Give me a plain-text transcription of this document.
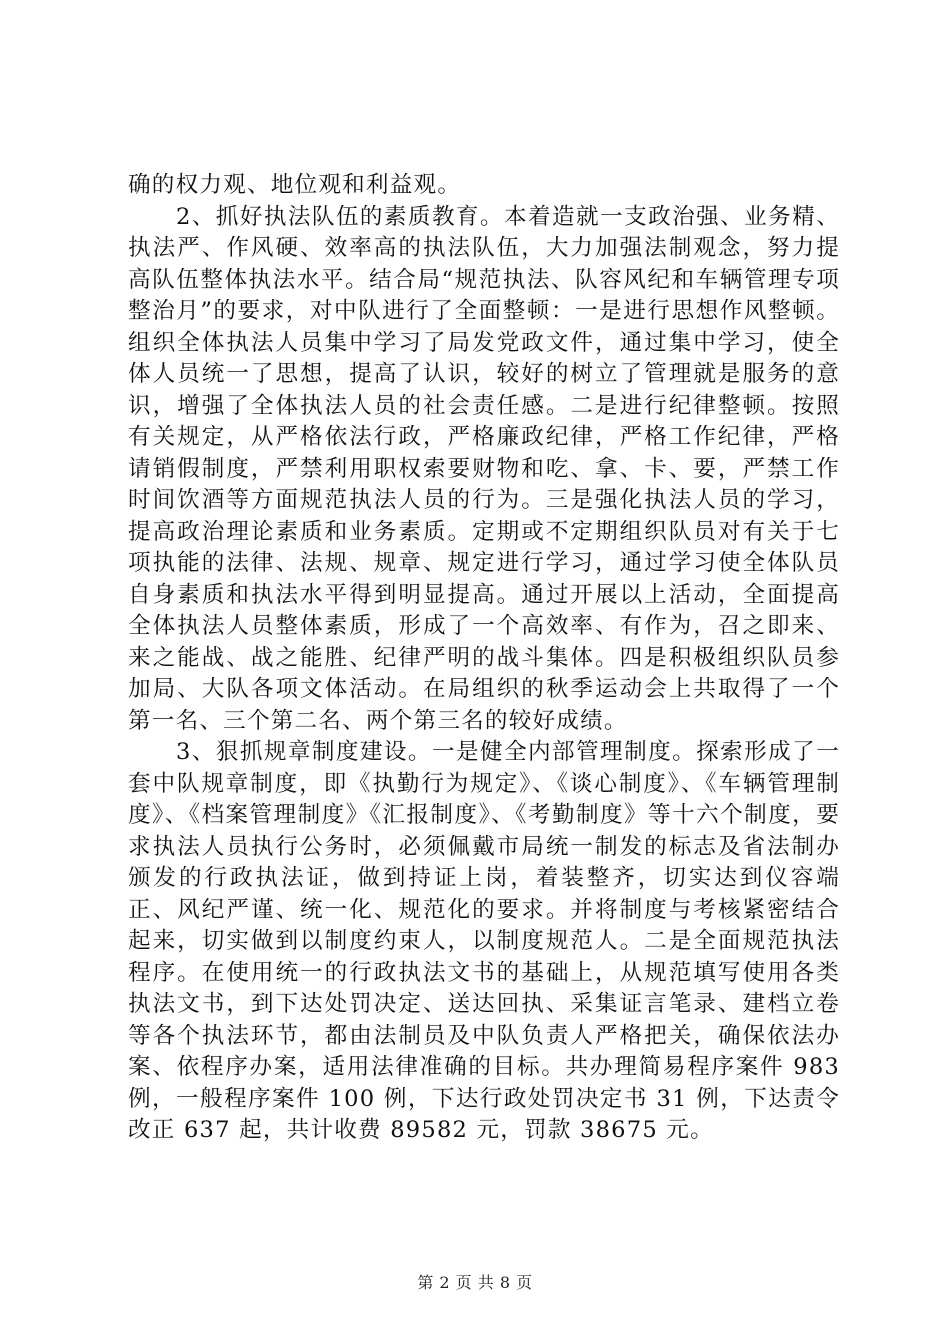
确的权力观、地位观和利益观。

2、抓好执法队伍的素质教育。本着造就一支政治强、业务精、执法严、作风硬、效率高的执法队伍，大力加强法制观念，努力提高队伍整体执法水平。结合局“规范执法、队容风纪和车辆管理专项整治月”的要求，对中队进行了全面整顿：一是进行思想作风整顿。组织全体执法人员集中学习了局发党政文件，通过集中学习，使全体人员统一了思想，提高了认识，较好的树立了管理就是服务的意识，增强了全体执法人员的社会责任感。二是进行纪律整顿。按照有关规定，从严格依法行政，严格廉政纪律，严格工作纪律，严格请销假制度，严禁利用职权索要财物和吃、拿、卡、要，严禁工作时间饮酒等方面规范执法人员的行为。三是强化执法人员的学习，提高政治理论素质和业务素质。定期或不定期组织队员对有关于七项执能的法律、法规、规章、规定进行学习，通过学习使全体队员自身素质和执法水平得到明显提高。通过开展以上活动，全面提高全体执法人员整体素质，形成了一个高效率、有作为，召之即来、来之能战、战之能胜、纪律严明的战斗集体。四是积极组织队员参加局、大队各项文体活动。在局组织的秋季运动会上共取得了一个第一名、三个第二名、两个第三名的较好成绩。

3、狠抓规章制度建设。一是健全内部管理制度。探索形成了一套中队规章制度，即《执勤行为规定》、《谈心制度》、《车辆管理制度》、《档案管理制度》《汇报制度》、《考勤制度》等十六个制度，要求执法人员执行公务时，必须佩戴市局统一制发的标志及省法制办颁发的行政执法证，做到持证上岗，着装整齐，切实达到仪容端正、风纪严谨、统一化、规范化的要求。并将制度与考核紧密结合起来，切实做到以制度约束人，以制度规范人。二是全面规范执法程序。在使用统一的行政执法文书的基础上，从规范填写使用各类执法文书，到下达处罚决定、送达回执、采集证言笔录、建档立卷等各个执法环节，都由法制员及中队负责人严格把关，确保依法办案、依程序办案，适用法律准确的目标。共办理简易程序案件 983 例，一般程序案件 100 例，下达行政处罚决定书 31 例，下达责令改正 637 起，共计收费 89582 元，罚款 38675 元。

第 2 页 共 8 页
